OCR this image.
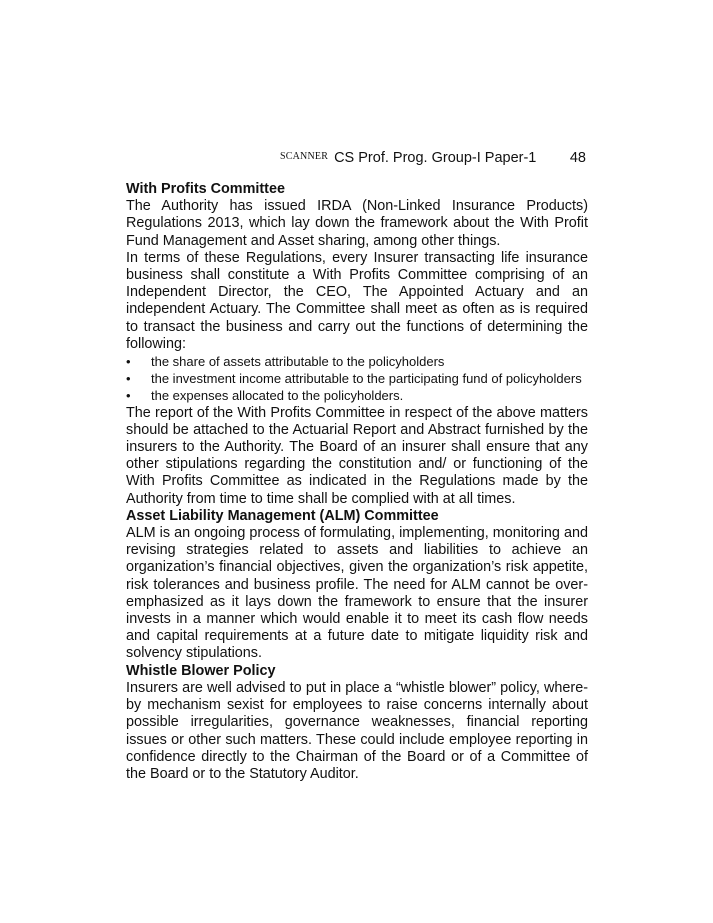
SCANNER CS Prof. Prog. Group-I Paper-1	48
With Profits Committee

The Authority has issued IRDA (Non-Linked Insurance Products) Regulations 2013, which lay down the framework about the With Profit Fund Management and Asset sharing, among other things.

In terms of these Regulations, every Insurer transacting life insurance business shall constitute a With Profits Committee comprising of an Independent Director, the CEO, The Appointed Actuary and an independent Actuary. The Committee shall meet as often as is required to transact the business and carry out the functions of determining the following:

• the share of assets attributable to the policyholders
• the investment income attributable to the participating fund of policyholders
• the expenses allocated to the policyholders.

The report of the With Profits Committee in respect of the above matters should be attached to the Actuarial Report and Abstract furnished by the insurers to the Authority. The Board of an insurer shall ensure that any other stipulations regarding the constitution and/ or functioning of the With Profits Committee as indicated in the Regulations made by the Authority from time to time shall be complied with at all times.

Asset Liability Management (ALM) Committee

ALM is an ongoing process of formulating, implementing, monitoring and revising strategies related to assets and liabilities to achieve an organization’s financial objectives, given the organization’s risk appetite, risk tolerances and business profile. The need for ALM cannot be over-emphasized as it lays down the framework to ensure that the insurer invests in a manner which would enable it to meet its cash flow needs and capital requirements at a future date to mitigate liquidity risk and solvency stipulations.

Whistle Blower Policy

Insurers are well advised to put in place a “whistle blower” policy, where-by mechanism sexist for employees to raise concerns internally about possible irregularities, governance weaknesses, financial reporting issues or other such matters. These could include employee reporting in confidence directly to the Chairman of the Board or of a Committee of the Board or to the Statutory Auditor.
